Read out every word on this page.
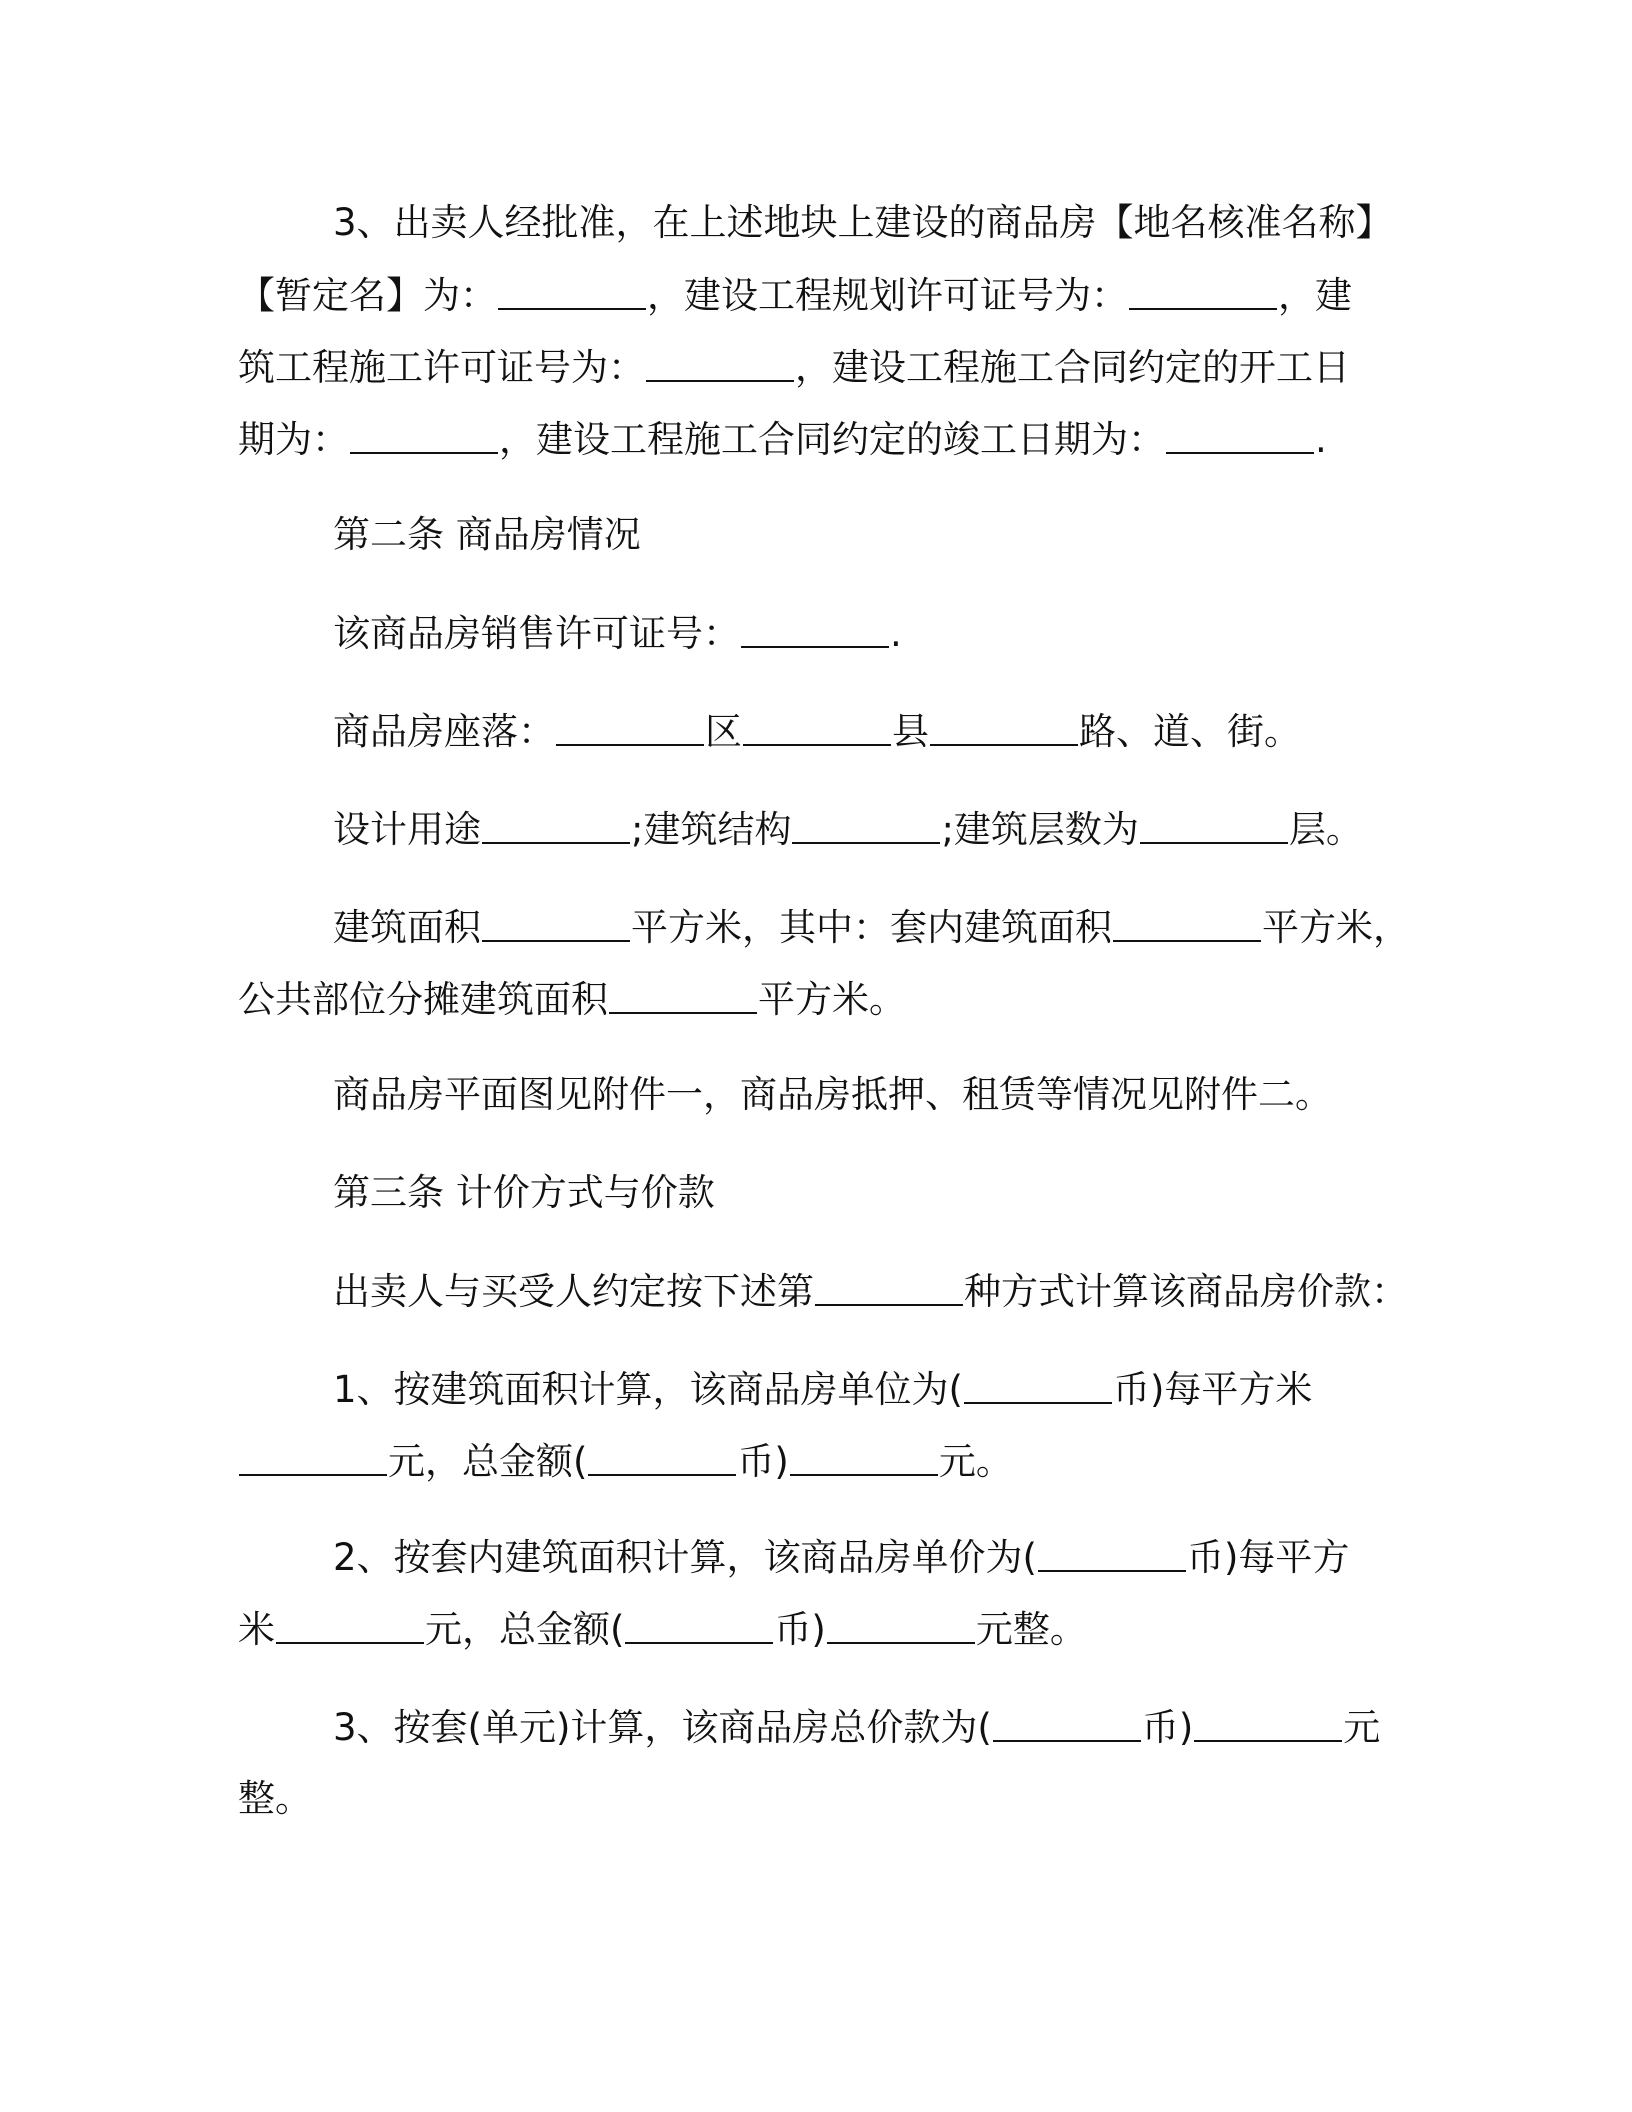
3、出卖人经批准，在上述地块上建设的商品房【地名核准名称】
【暂定名】为：	，建设工程规划许可证号为：	，建
筑工程施工许可证号为：	，建设工程施工合同约定的开工日
期为：	，建设工程施工合同约定的竣工日期为：	.
第二条 商品房情况
该商品房销售许可证号：	.
商品房座落：	区	县	路、道、街。
设计用途	;建筑结构	;建筑层数为	层。
建筑面积	平方米，其中：套内建筑面积	平方米，
公共部位分摊建筑面积	平方米。
商品房平面图见附件一，商品房抵押、租赁等情况见附件二。
第三条 计价方式与价款
出卖人与买受人约定按下述第	种方式计算该商品房价款：
1、按建筑面积计算，该商品房单位为(	币)每平方米
元，总金额(	币)	元。
2、按套内建筑面积计算，该商品房单价为(	币)每平方
米	元，总金额(	币)	元整。
3、按套(单元)计算，该商品房总价款为(	币)	元
整。
